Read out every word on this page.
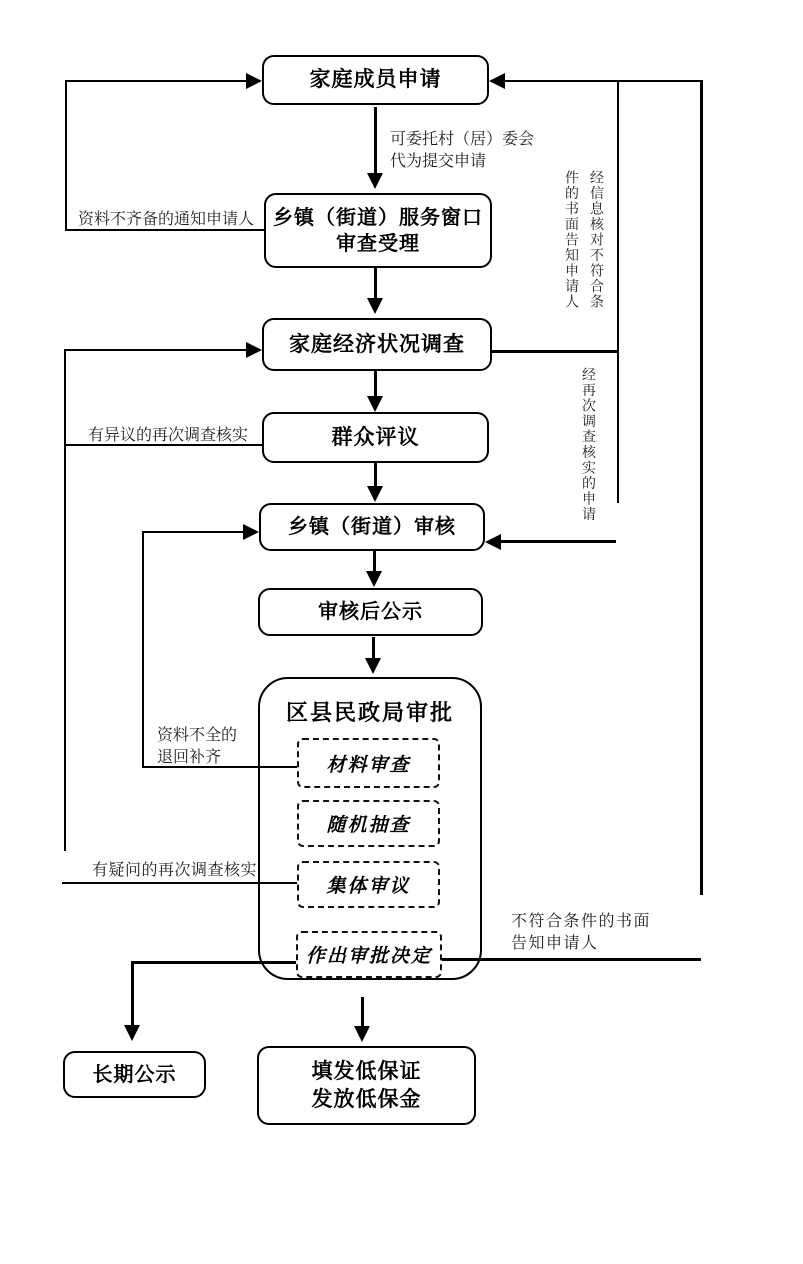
区县民政局审批
家庭成员申请
乡镇（街道）服务窗口
审查受理
家庭经济状况调查
群众评议
乡镇（街道）审核
审核后公示
材料审查
随机抽查
集体审议
作出审批决定
长期公示	填发低保证
发放低保金
可委托村（居）委会
代为提交申请
资料不齐备的通知申请人
有异议的再次调查核实
资料不全的
退回补齐
有疑问的再次调查核实
经信息核对不符合条
件的书面告知申请人
经再次调查核实的申请
不符合条件的书面
告知申请人
